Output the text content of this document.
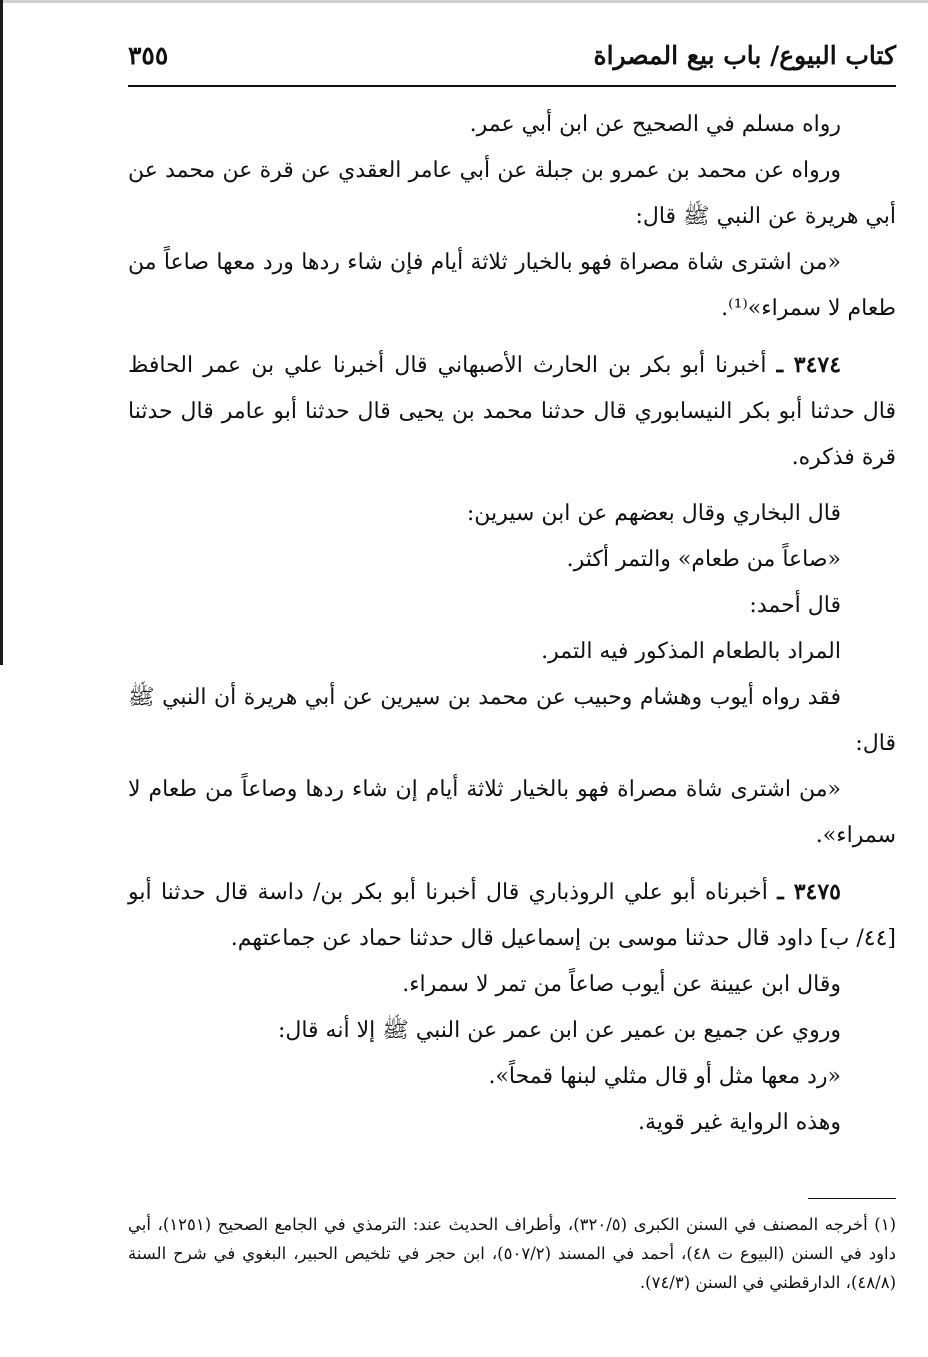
كتاب البيوع/ باب بيع المصراة
٣٥٥

رواه مسلم في الصحيح عن ابن أبي عمر.

ورواه عن محمد بن عمرو بن جبلة عن أبي عامر العقدي عن قرة عن محمد عن أبي هريرة عن النبي ﷺ قال:

«من اشترى شاة مصراة فهو بالخيار ثلاثة أيام فإن شاء ردها ورد معها صاعاً من طعام لا سمراء»⁽¹⁾.

٣٤٧٤ ـ أخبرنا أبو بكر بن الحارث الأصبهاني قال أخبرنا علي بن عمر الحافظ قال حدثنا أبو بكر النيسابوري قال حدثنا محمد بن يحيى قال حدثنا أبو عامر قال حدثنا قرة فذكره.

قال البخاري وقال بعضهم عن ابن سيرين:

«صاعاً من طعام» والتمر أكثر.

قال أحمد:

المراد بالطعام المذكور فيه التمر.

فقد رواه أيوب وهشام وحبيب عن محمد بن سيرين عن أبي هريرة أن النبي ﷺ قال:

«من اشترى شاة مصراة فهو بالخيار ثلاثة أيام إن شاء ردها وصاعاً من طعام لا سمراء».

٣٤٧٥ ـ أخبرناه أبو علي الروذباري قال أخبرنا أبو بكر بن/ داسة قال حدثنا أبو [٤٤/ ب] داود قال حدثنا موسى بن إسماعيل قال حدثنا حماد عن جماعتهم.

وقال ابن عيينة عن أيوب صاعاً من تمر لا سمراء.

وروي عن جميع بن عمير عن ابن عمر عن النبي ﷺ إلا أنه قال:

«رد معها مثل أو قال مثلي لبنها قمحاً».

وهذه الرواية غير قوية.

(١) أخرجه المصنف في السنن الكبرى (٣٢٠/٥)، وأطراف الحديث عند: الترمذي في الجامع الصحيح (١٢٥١)، أبي داود في السنن (البيوع ت ٤٨)، أحمد في المسند (٥٠٧/٢)، ابن حجر في تلخيص الحبير، البغوي في شرح السنة (٤٨/٨)، الدارقطني في السنن (٧٤/٣).
